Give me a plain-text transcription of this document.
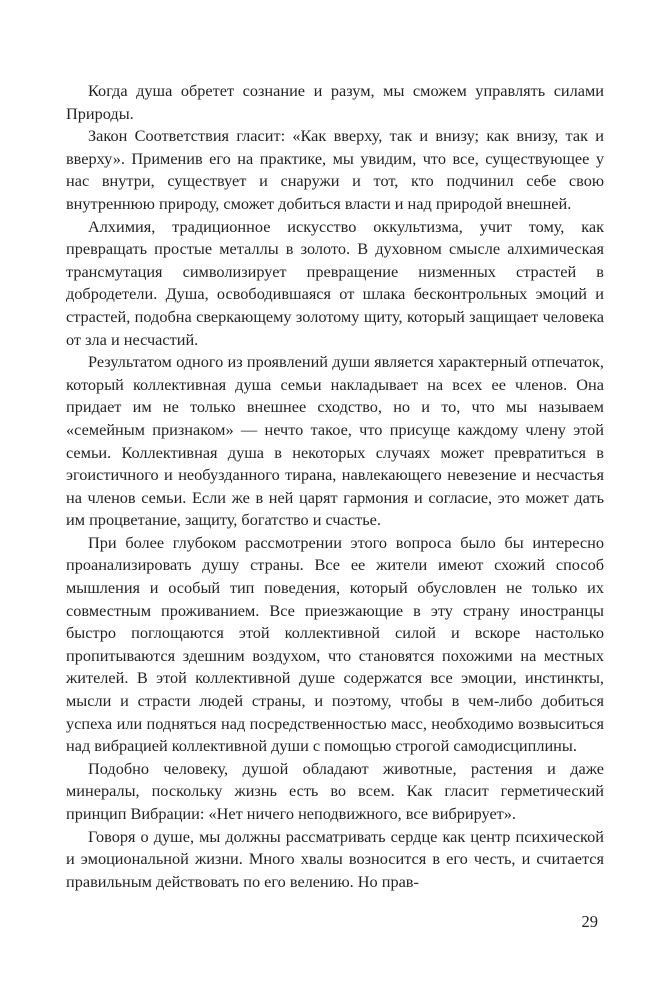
Когда душа обретет сознание и разум, мы сможем управлять силами Природы.

Закон Соответствия гласит: «Как вверху, так и внизу; как внизу, так и вверху». Применив его на практике, мы увидим, что все, существующее у нас внутри, существует и снаружи и тот, кто подчинил себе свою внутреннюю природу, сможет добиться власти и над природой внешней.

Алхимия, традиционное искусство оккультизма, учит тому, как превращать простые металлы в золото. В духовном смысле алхимическая трансмутация символизирует превращение низменных страстей в добродетели. Душа, освободившаяся от шлака бесконтрольных эмоций и страстей, подобна сверкающему золотому щиту, который защищает человека от зла и несчастий.

Результатом одного из проявлений души является характерный отпечаток, который коллективная душа семьи накладывает на всех ее членов. Она придает им не только внешнее сходство, но и то, что мы называем «семейным признаком» — нечто такое, что присуще каждому члену этой семьи. Коллективная душа в некоторых случаях может превратиться в эгоистичного и необузданного тирана, навлекающего невезение и несчастья на членов семьи. Если же в ней царят гармония и согласие, это может дать им процветание, защиту, богатство и счастье.

При более глубоком рассмотрении этого вопроса было бы интересно проанализировать душу страны. Все ее жители имеют схожий способ мышления и особый тип поведения, который обусловлен не только их совместным проживанием. Все приезжающие в эту страну иностранцы быстро поглощаются этой коллективной силой и вскоре настолько пропитываются здешним воздухом, что становятся похожими на местных жителей. В этой коллективной душе содержатся все эмоции, инстинкты, мысли и страсти людей страны, и поэтому, чтобы в чем-либо добиться успеха или подняться над посредственностью масс, необходимо возвыситься над вибрацией коллективной души с помощью строгой самодисциплины.

Подобно человеку, душой обладают животные, растения и даже минералы, поскольку жизнь есть во всем. Как гласит герметический принцип Вибрации: «Нет ничего неподвижного, все вибрирует».

Говоря о душе, мы должны рассматривать сердце как центр психической и эмоциональной жизни. Много хвалы возносится в его честь, и считается правильным действовать по его велению. Но прав-

29
